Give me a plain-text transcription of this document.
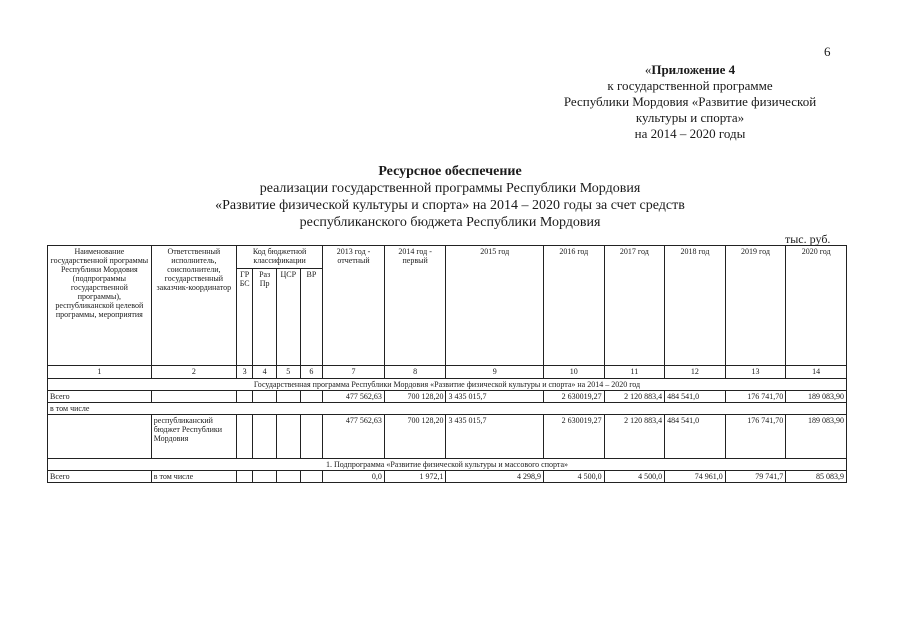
6
«Приложение 4
к государственной программе
Республики Мордовия «Развитие физической
культуры и спорта»
на 2014 – 2020 годы
Ресурсное обеспечение
реализации государственной программы Республики Мордовия
«Развитие физической культуры и спорта» на 2014 – 2020 годы за счет средств
республиканского бюджета Республики Мордовия
тыс. руб.
Наименование государственной программы Республики Мордовия (подпрограммы государственной программы), республиканской целевой программы, мероприятия	Ответственный исполнитель, соисполнители, государственный заказчик-координатор	Код бюджетной классификации				2013 год - отчетный	2014 год - первый	2015 год	2016 год	2017 год	2018 год	2019 год	2020 год
		ГР БС	Раз Пр	ЦСР	ВР								
1	2	3	4	5	6	7	8	9	10	11	12	13	14
Государственная программа Республики Мордовия «Развитие физической культуры и спорта» на 2014 – 2020 год													
Всего						477 562,63	700 128,20	3 435 015,7	2 630019,27	2 120 883,4	484 541,0	176 741,70	189 083,90
в том числе													
	республиканский бюджет Республики Мордовия					477 562,63	700 128,20	3 435 015,7	2 630019,27	2 120 883,4	484 541,0	176 741,70	189 083,90
1. Подпрограмма «Развитие физической культуры и массового спорта»													
Всего	в том числе					0,0	1 972,1	4 298,9	4 500,0	4 500,0	74 961,0	79 741,7	85 083,9
